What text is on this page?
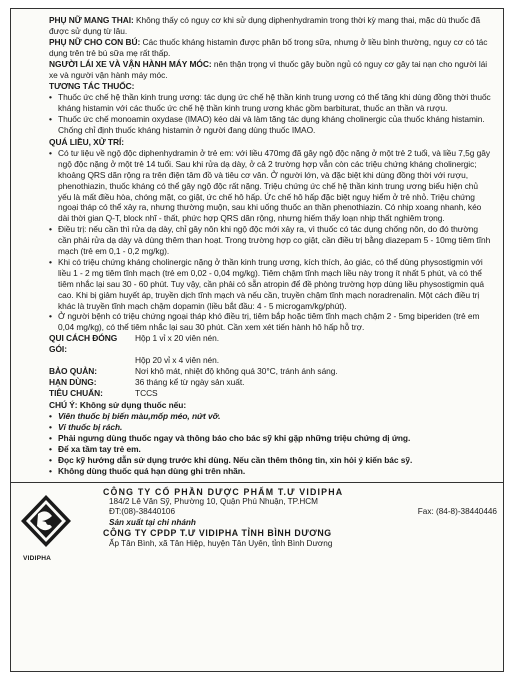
PHỤ NỮ MANG THAI: Không thấy có nguy cơ khi sử dụng diphenhydramin trong thời kỳ mang thai, mặc dù thuốc đã được sử dụng từ lâu.

PHỤ NỮ CHO CON BÚ: Các thuốc kháng histamin được phân bố trong sữa, nhưng ở liều bình thường, nguy cơ có tác dụng trên trẻ bú sữa mẹ rất thấp.

NGƯỜI LÁI XE VÀ VẬN HÀNH MÁY MÓC: nên thận trọng vì thuốc gây buồn ngủ có nguy cơ gây tai nạn cho người lái xe và người vận hành máy móc.

TƯƠNG TÁC THUỐC:
• Thuốc ức chế hệ thần kinh trung ương: tác dụng ức chế hệ thần kinh trung ương có thể tăng khi dùng đồng thời thuốc kháng histamin với các thuốc ức chế hệ thần kinh trung ương khác gồm barbiturat, thuốc an thần và rượu.
• Thuốc ức chế monoamin oxydase (IMAO) kéo dài và làm tăng tác dụng kháng cholinergic của thuốc kháng histamin. Chống chỉ định thuốc kháng histamin ở người đang dùng thuốc IMAO.
QUÁ LIỀU, XỬ TRÍ:
• Có tư liệu về ngộ độc diphenhydramin ở trẻ em: với liều 470mg đã gây ngộ độc nặng ở một trẻ 2 tuổi, và liều 7,5g gây ngộ độc nặng ở một trẻ 14 tuổi. Sau khi rửa dạ dày, ở cả 2 trường hợp vẫn còn các triệu chứng kháng cholinergic; khoảng QRS dãn rộng ra trên điện tâm đồ và tiêu cơ vân. Ở người lớn, và đặc biệt khi dùng đồng thời với rượu, phenothiazin, thuốc kháng có thể gây ngộ độc rất nặng. Triệu chứng ức chế hệ thần kinh trung ương biểu hiện chủ yếu là mất điều hòa, chóng mặt, co giật, ức chế hô hấp. Ức chế hô hấp đặc biệt nguy hiểm ở trẻ nhỏ. Triệu chứng ngoại tháp có thể xảy ra, nhưng thường muộn, sau khi uống thuốc an thần phenothiazin. Có nhịp xoang nhanh, kéo dài thời gian Q-T, block nhĩ - thất, phức hợp QRS dãn rộng, nhưng hiếm thấy loạn nhịp thất nghiêm trọng.
• Điều trị: nếu cần thì rửa dạ dày, chỉ gây nôn khi ngộ độc mới xảy ra, vì thuốc có tác dụng chống nôn, do đó thường cần phải rửa dạ dày và dùng thêm than hoạt. Trong trường hợp co giật, cần điều trị bằng diazepam 5 - 10mg tiêm tĩnh mạch (trẻ em 0,1 - 0,2 mg/kg).
• Khi có triệu chứng kháng cholinergic nặng ở thần kinh trung ương, kích thích, ảo giác, có thể dùng physostigmin với liều 1 - 2 mg tiêm tĩnh mạch (trẻ em 0,02 - 0,04 mg/kg). Tiêm chậm tĩnh mạch liều này trong ít nhất 5 phút, và có thể tiêm nhắc lại sau 30 - 60 phút. Tuy vậy, cần phải có sẵn atropin để đề phòng trường hợp dùng liều physostigmin quá cao. Khi bị giảm huyết áp, truyền dịch tĩnh mạch và nếu cần, truyền chậm tĩnh mạch noradrenalin. Một cách điều trị khác là truyền tĩnh mạch chậm dopamin (liều bắt đầu: 4 - 5 microgam/kg/phút).
• Ở người bệnh có triệu chứng ngoại tháp khó điều trị, tiêm bắp hoặc tiêm tĩnh mạch chậm 2 - 5mg biperiden (trẻ em 0,04 mg/kg), có thể tiêm nhắc lại sau 30 phút. Cần xem xét tiến hành hô hấp hỗ trợ.
QUI CÁCH ĐÓNG GÓI:	Hộp 1 vỉ x 20 viên nén.
	Hộp 20 vỉ x 4 viên nén.
BẢO QUẢN:	Nơi khô mát, nhiệt độ không quá 30°C, tránh ánh sáng.
HẠN DÙNG:	36 tháng kể từ ngày sản xuất.
TIÊU CHUẨN:	TCCS
CHÚ Ý: Không sử dụng thuốc nếu:
• Viên thuốc bị biến màu,mốp méo, nứt vỡ.
• Vỉ thuốc bị rách.
• Phải ngưng dùng thuốc ngay và thông báo cho bác sỹ khi gặp những triệu chứng dị ứng.
• Để xa tầm tay trẻ em.
• Đọc kỹ hướng dẫn sử dụng trước khi dùng. Nếu cần thêm thông tin, xin hỏi ý kiến bác sỹ.
• Không dùng thuốc quá hạn dùng ghi trên nhãn.
VIDIPHA
CÔNG TY CỔ PHẦN DƯỢC PHẨM T.Ư VIDIPHA
184/2 Lê Văn Sỹ, Phường 10, Quận Phú Nhuận, TP.HCM
ĐT:(08)-38440106	Fax: (84-8)-38440446
Sản xuất tại chi nhánh
CÔNG TY CPDP T.Ư VIDIPHA TỈNH BÌNH DƯƠNG
Ấp Tân Bình, xã Tân Hiệp, huyện Tân Uyên, tỉnh Bình Dương
